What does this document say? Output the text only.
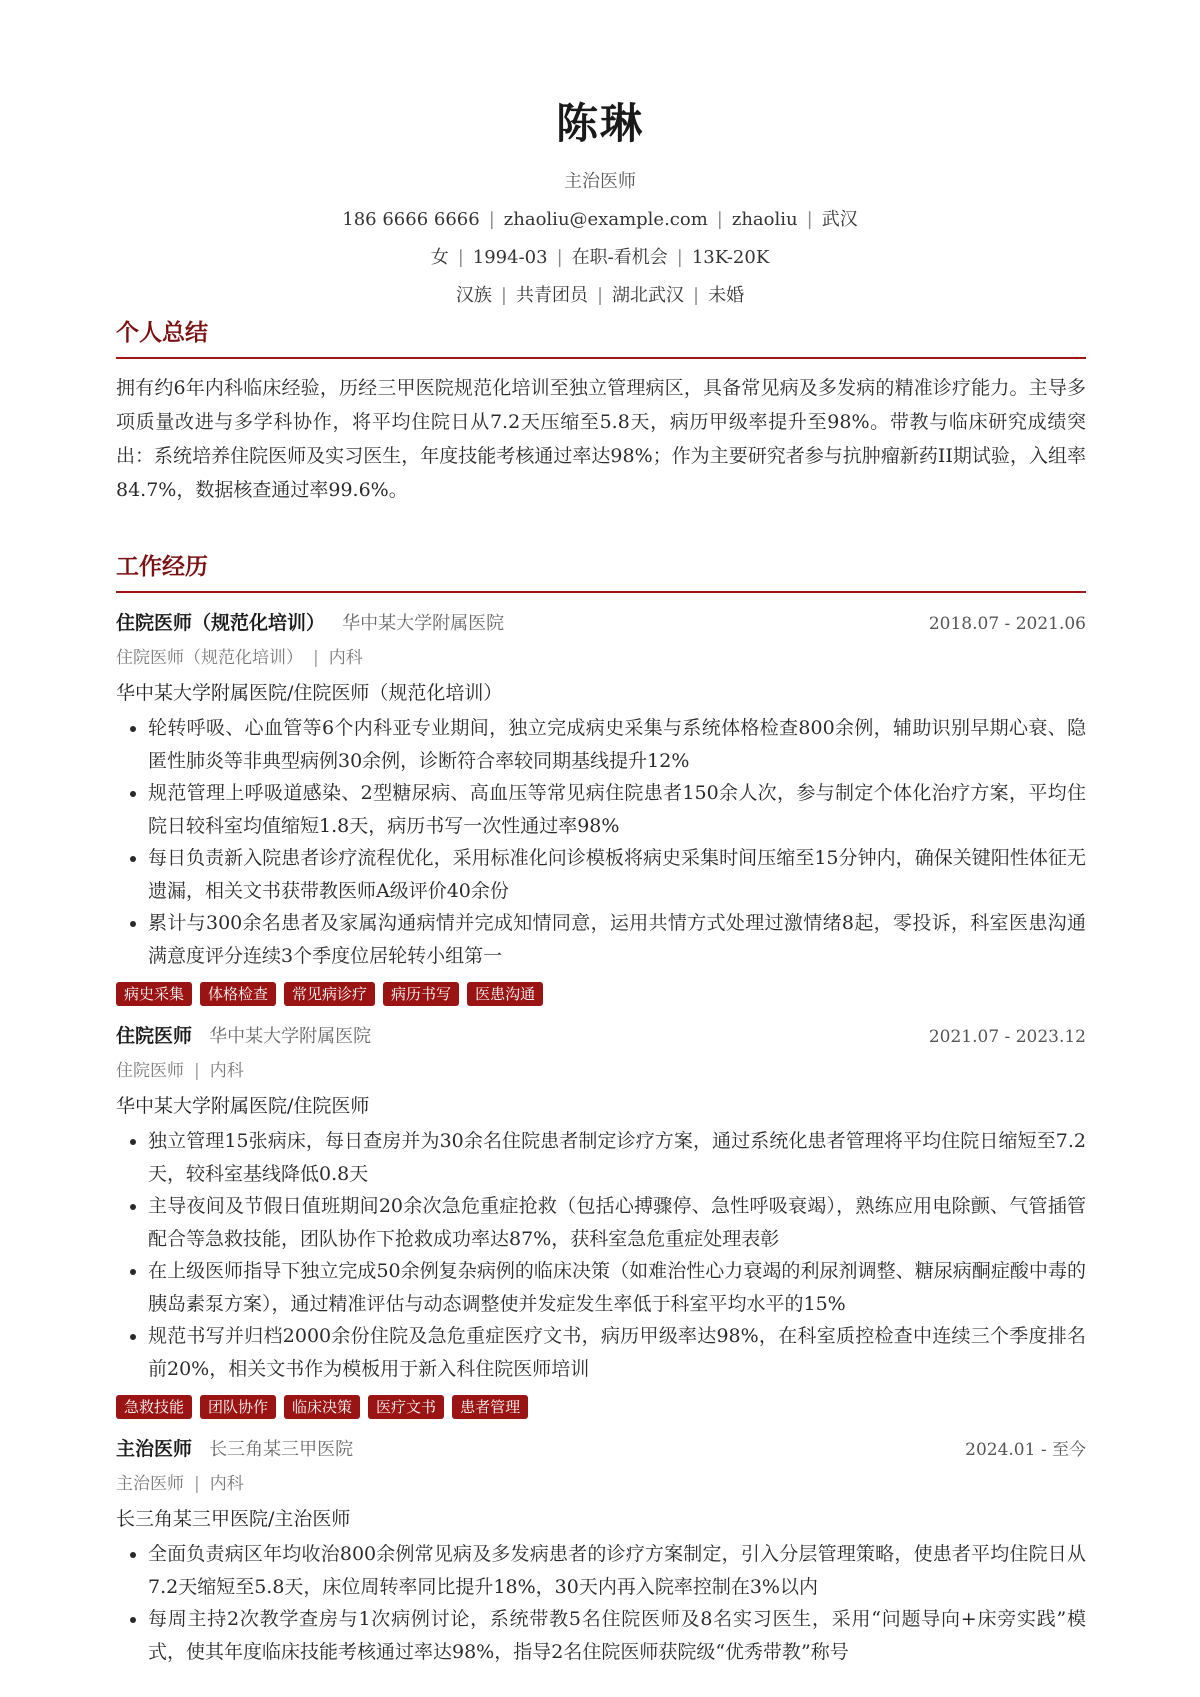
陈琳
主治医师
186 6666 6666 | zhaoliu@example.com | zhaoliu | 武汉
女 | 1994-03 | 在职-看机会 | 13K-20K
汉族 | 共青团员 | 湖北武汉 | 未婚
个人总结
拥有约6年内科临床经验，历经三甲医院规范化培训至独立管理病区，具备常见病及多发病的精准诊疗能力。主导多项质量改进与多学科协作，将平均住院日从7.2天压缩至5.8天，病历甲级率提升至98%。带教与临床研究成绩突出：系统培养住院医师及实习医生，年度技能考核通过率达98%；作为主要研究者参与抗肿瘤新药II期试验，入组率84.7%，数据核查通过率99.6%。
工作经历
住院医师（规范化培训） 华中某大学附属医院	2018.07 - 2021.06
住院医师（规范化培训） | 内科
华中某大学附属医院/住院医师（规范化培训）
• 轮转呼吸、心血管等6个内科亚专业期间，独立完成病史采集与系统体格检查800余例，辅助识别早期心衰、隐匿性肺炎等非典型病例30余例，诊断符合率较同期基线提升12%
• 规范管理上呼吸道感染、2型糖尿病、高血压等常见病住院患者150余人次，参与制定个体化治疗方案，平均住院日较科室均值缩短1.8天，病历书写一次性通过率98%
• 每日负责新入院患者诊疗流程优化，采用标准化问诊模板将病史采集时间压缩至15分钟内，确保关键阳性体征无遗漏，相关文书获带教医师A级评价40余份
• 累计与300余名患者及家属沟通病情并完成知情同意，运用共情方式处理过激情绪8起，零投诉，科室医患沟通满意度评分连续3个季度位居轮转小组第一
病史采集	体格检查	常见病诊疗	病历书写	医患沟通
住院医师 华中某大学附属医院	2021.07 - 2023.12
住院医师 | 内科
华中某大学附属医院/住院医师
• 独立管理15张病床，每日查房并为30余名住院患者制定诊疗方案，通过系统化患者管理将平均住院日缩短至7.2天，较科室基线降低0.8天
• 主导夜间及节假日值班期间20余次急危重症抢救（包括心搏骤停、急性呼吸衰竭），熟练应用电除颤、气管插管配合等急救技能，团队协作下抢救成功率达87%，获科室急危重症处理表彰
• 在上级医师指导下独立完成50余例复杂病例的临床决策（如难治性心力衰竭的利尿剂调整、糖尿病酮症酸中毒的胰岛素泵方案），通过精准评估与动态调整使并发症发生率低于科室平均水平的15%
• 规范书写并归档2000余份住院及急危重症医疗文书，病历甲级率达98%，在科室质控检查中连续三个季度排名前20%，相关文书作为模板用于新入科住院医师培训
急救技能	团队协作	临床决策	医疗文书	患者管理
主治医师 长三角某三甲医院	2024.01 - 至今
主治医师 | 内科
长三角某三甲医院/主治医师
• 全面负责病区年均收治800余例常见病及多发病患者的诊疗方案制定，引入分层管理策略，使患者平均住院日从7.2天缩短至5.8天，床位周转率同比提升18%，30天内再入院率控制在3%以内
• 每周主持2次教学查房与1次病例讨论，系统带教5名住院医师及8名实习医生，采用“问题导向+床旁实践”模式，使其年度临床技能考核通过率达98%，指导2名住院医师获院级“优秀带教”称号
